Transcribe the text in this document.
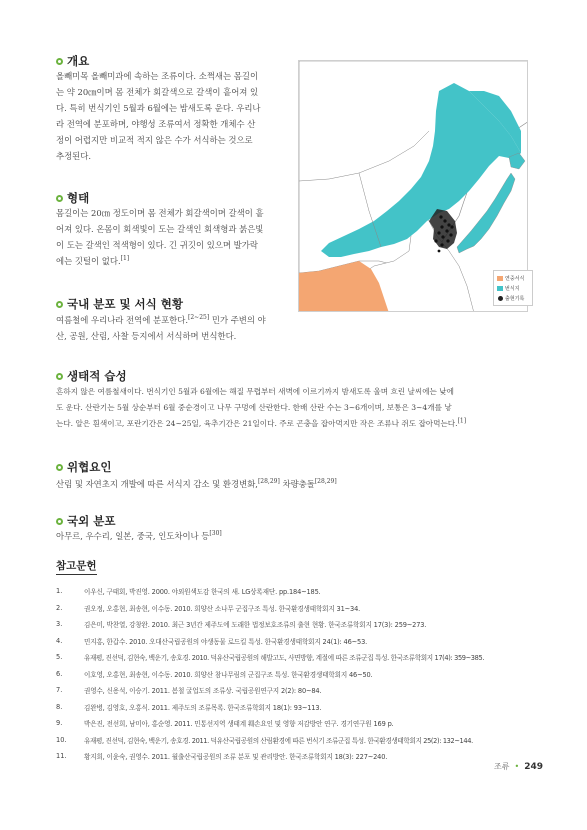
개요
올빼미목 올빼미과에 속하는 조류이다. 소쩍새는 몸길이
는 약 20㎝이며 몸 전체가 회갈색으로 갈색이 흩어져 있
다. 특히 번식기인 5월과 6월에는 밤새도록 운다. 우리나
라 전역에 분포하며, 야행성 조류여서 정확한 개체수 산
정이 어렵지만 비교적 적지 않은 수가 서식하는 것으로
추정된다.
형태
몸길이는 20㎝ 정도이며 몸 전체가 회갈색이며 갈색이 흩
어져 있다. 온몸이 회색빛이 도는 갈색인 회색형과 붉은빛
이 도는 갈색인 적색형이 있다. 긴 귀깃이 있으며 발가락
에는 깃털이 없다.[1]
국내 분포 및 서식 현황
여름철에 우리나라 전역에 분포한다.[2~25] 민가 주변의 야
산, 공원, 산림, 사찰 등지에서 서식하며 번식한다.
연중서식
번식지
출현기록
생태적 습성
흔하지 않은 여름철새이다. 번식기인 5월과 6월에는 해질 무렵부터 새벽에 이르기까지 밤새도록 울며 흐린 날씨에는 낮에
도 운다. 산란기는 5월 상순부터 6월 중순경이고 나무 구멍에 산란한다. 한배 산란 수는 3~6개이며, 보통은 3~4개를 낳
는다. 알은 흰색이고, 포란기간은 24~25일, 육추기간은 21일이다. 주로 곤충을 잡아먹지만 작은 조류나 쥐도 잡아먹는다.[1]
위협요인
산림 및 자연초지 개발에 따른 서식지 감소 및 환경변화,[28,29] 차량충돌[28,29]
국외 분포
아무르, 우수리, 일본, 중국, 인도차이나 등[30]
참고문헌
1.	이우신, 구태회, 박진영. 2000. 야외원색도감 한국의 새. LG상록재단. pp.184~185.
2.	권오정, 오홍현, 최송현, 이수동. 2010. 희양산 소나무 군집구조 특성. 한국환경생태학회지 31~34.
3.	김은미, 박찬열, 강창완. 2010. 최근 3년간 제주도에 도래한 법정보호조류의 출현 현황. 한국조류학회지 17(3): 259~273.
4.	민지홍, 한갑수. 2010. 오대산국립공원의 야생동물 로드킬 특성. 한국환경생태학회지 24(1): 46~53.
5.	유재평, 진선덕, 김현숙, 백운기, 송호경. 2010. 덕유산국립공원의 해발고도, 사면방향, 계절에 따른 조류군집 특성. 한국조류학회지 17(4): 359~385.
6.	이호영, 오홍현, 최송현, 이수동. 2010. 희양산 참나무림의 군집구조 특성. 한국환경생태학회지 46~50.
7.	권영수, 신용석, 이승기. 2011. 봄철 굴업도의 조류상. 국립공원연구지 2(2): 80~84.
8.	김완병, 김영호, 오홍식. 2011. 제주도의 조류목록. 한국조류학회지 18(1): 93~113.
9.	박은진, 전선희, 남미아, 홍순영. 2011. 민통선지역 생태계 훼손요인 및 영향 저감방안 연구. 경기연구원 169 p.
10.	유재평, 진선덕, 김현숙, 백운기, 송호경. 2011. 덕유산국립공원의 산림환경에 따른 번식기 조류군집 특성. 한국환경생태학회지 25(2): 132~144.
11.	황지희, 이윤숙, 권영수. 2011. 월출산국립공원의 조류 분포 및 관리방안. 한국조류학회지 18(3): 227~240.
조류 • 249
